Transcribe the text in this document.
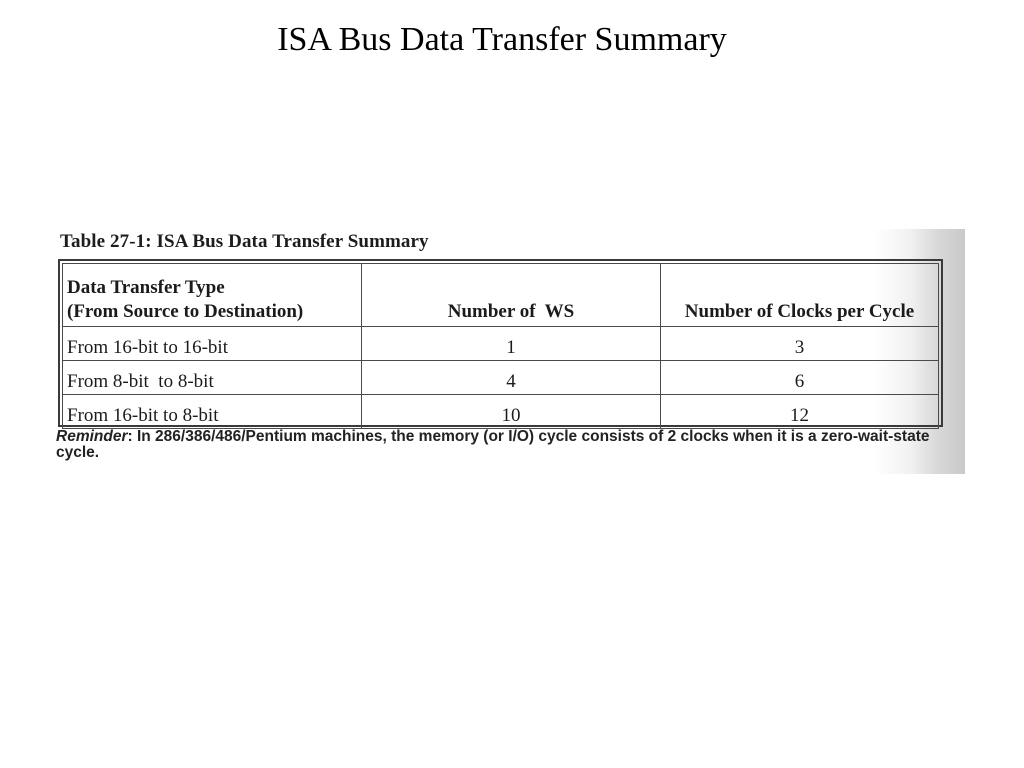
ISA Bus Data Transfer Summary
Table 27-1: ISA Bus Data Transfer Summary
Data Transfer Type
(From Source to Destination)	Number of  WS	Number of Clocks per Cycle
From 16-bit to 16-bit	1	3
From 8-bit  to 8-bit	4	6
From 16-bit to 8-bit	10	12
Reminder: In 286/386/486/Pentium machines, the memory (or I/O) cycle consists of 2 clocks when it is a zero-wait-state cycle.
